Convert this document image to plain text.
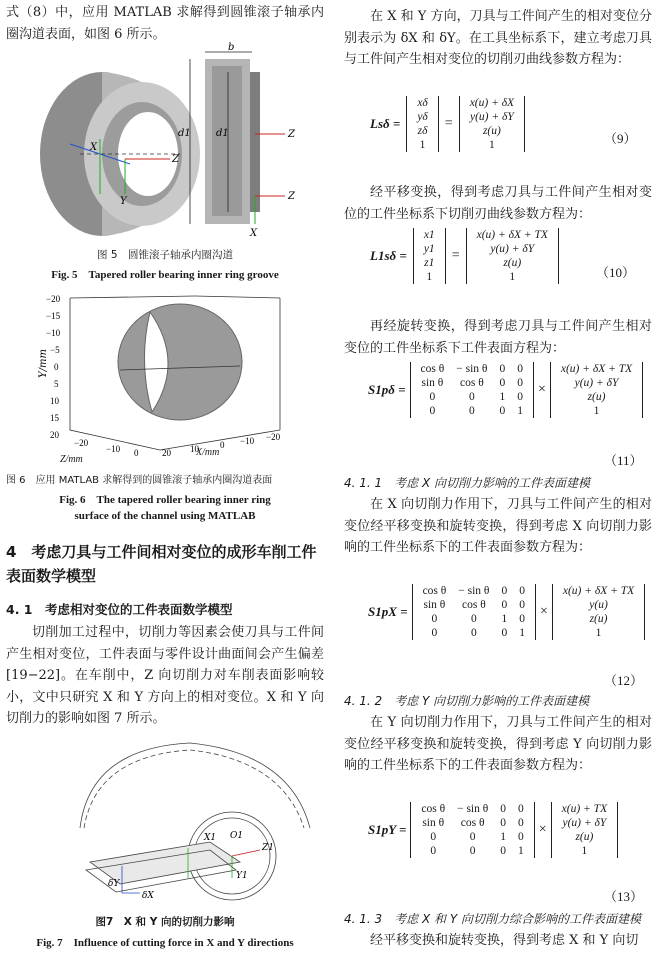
式（8）中，应用 MATLAB 求解得到圆锥滚子轴承内圈沟道表面，如图 6 所示。
X
Y
Z
b
d1	d1	Z
Z
X
图 5　圆锥滚子轴承内圈沟道
Fig. 5　Tapered roller bearing inner ring groove
Y/mm
−20
−15
−10
−5
0
5
10
15
20
−20
−10 0	20 10 0 −10 −20
Z/mm
X/mm
图 6　应用 MATLAB 求解得到的圆锥滚子轴承内圈沟道表面
Fig. 6　The tapered roller bearing inner ring
surface of the channel using MATLAB
4　考虑刀具与工件间相对变位的成形车削工件表面数学模型
4. 1　考虑相对变位的工件表面数学模型
切削加工过程中，切削力等因素会使刀具与工件间产生相对变位，工件表面与零件设计曲面间会产生偏差[19−22]。在车削中，Z 向切削力对车削表面影响较小，文中只研究 X 和 Y 方向上的相对变位。X 和 Y 向切削力的影响如图 7 所示。
X1 O1
Z1
Y1
δY
δX
图7　X 和 Y 向的切削力影响
Fig. 7　Influence of cutting force in X and Y directions
在 X 和 Y 方向，刀具与工件间产生的相对变位分别表示为 δX 和 δY。在工具坐标系下，建立考虑刀具与工件间产生相对变位的切削刃曲线参数方程为：
Lsδ =
xδ
yδ
zδ
1
=
x(u) + δX
y(u) + δY
z(u)
1	（9）
经平移变换，得到考虑刀具与工件间产生相对变位的工件坐标系下切削刃曲线参数方程为：
L1sδ =
x1
y1
z1
1
=
x(u) + δX + TX
y(u) + δY
z(u)
1	（10）
再经旋转变换，得到考虑刀具与工件间产生相对变位的工件坐标系下工件表面方程为：
S1pδ =
cos θ	− sin θ	0	0
sin θ	cos θ	0	0
0	0	1	0
0	0	0	1
×
x(u) + δX + TX
y(u) + δY
z(u)
1
（11）
4. 1. 1　考虑 X 向切削力影响的工件表面建模
在 X 向切削力作用下，刀具与工件间产生的相对变位经平移变换和旋转变换，得到考虑 X 向切削力影响的工件坐标系下的工件表面参数方程为：
S1pX =
cos θ	− sin θ	0	0
sin θ	cos θ	0	0
0	0	1	0
0	0	0	1
×
x(u) + δX + TX
y(u)
z(u)
1
（12）
4. 1. 2　考虑 Y 向切削力影响的工件表面建模
在 Y 向切削力作用下，刀具与工件间产生的相对变位经平移变换和旋转变换，得到考虑 Y 向切削力影响的工件坐标系下的工件表面参数方程为：
S1pY =
cos θ	− sin θ	0	0
sin θ	cos θ	0	0
0	0	1	0
0	0	0	1
×
x(u) + TX
y(u) + δY
z(u)
1
（13）
4. 1. 3　考虑 X 和 Y 向切削力综合影响的工件表面建模
经平移变换和旋转变换，得到考虑 X 和 Y 向切
